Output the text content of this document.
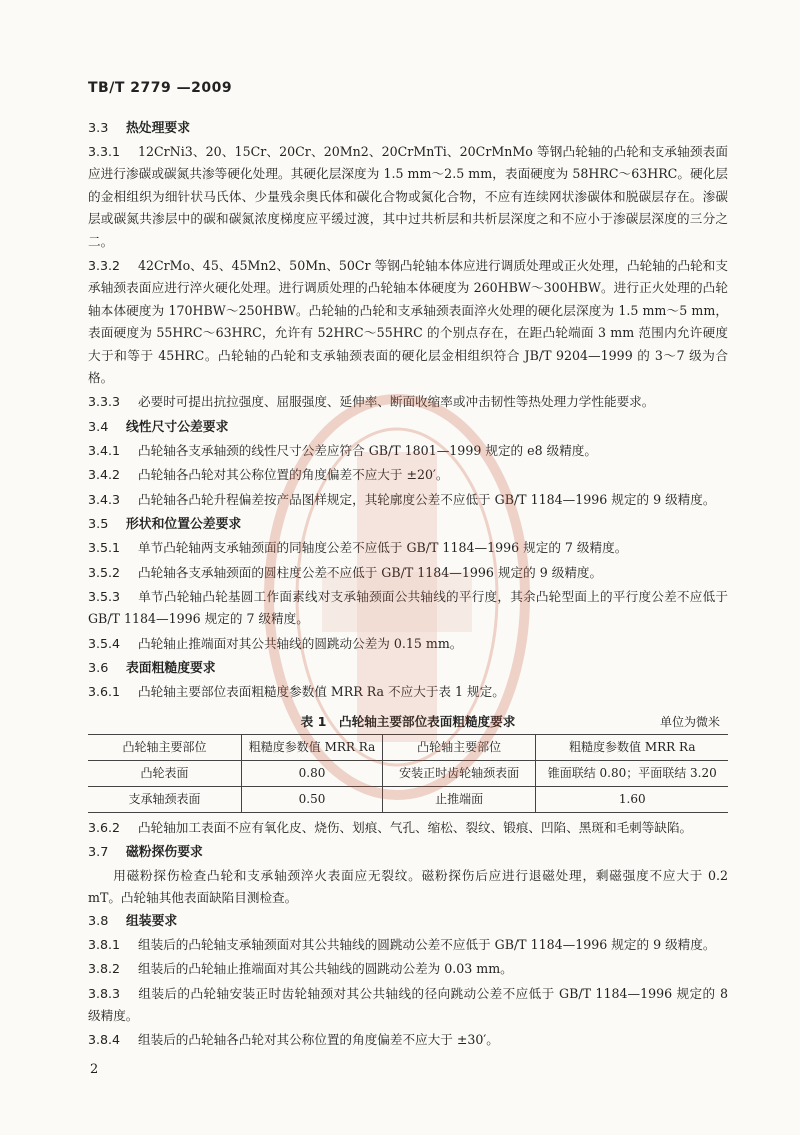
TB/T 2779 —2009
3.3 热处理要求

3.3.1 12CrNi3、20、15Cr、20Cr、20Mn2、20CrMnTi、20CrMnMo 等钢凸轮轴的凸轮和支承轴颈表面应进行渗碳或碳氮共渗等硬化处理。其硬化层深度为 1.5 mm～2.5 mm，表面硬度为 58HRC～63HRC。硬化层的金相组织为细针状马氏体、少量残余奥氏体和碳化合物或氮化合物，不应有连续网状渗碳体和脱碳层存在。渗碳层或碳氮共渗层中的碳和碳氮浓度梯度应平缓过渡，其中过共析层和共析层深度之和不应小于渗碳层深度的三分之二。

3.3.2 42CrMo、45、45Mn2、50Mn、50Cr 等钢凸轮轴本体应进行调质处理或正火处理，凸轮轴的凸轮和支承轴颈表面应进行淬火硬化处理。进行调质处理的凸轮轴本体硬度为 260HBW～300HBW。进行正火处理的凸轮轴本体硬度为 170HBW～250HBW。凸轮轴的凸轮和支承轴颈表面淬火处理的硬化层深度为 1.5 mm～5 mm，表面硬度为 55HRC～63HRC，允许有 52HRC～55HRC 的个别点存在，在距凸轮端面 3 mm 范围内允许硬度大于和等于 45HRC。凸轮轴的凸轮和支承轴颈表面的硬化层金相组织符合 JB/T 9204—1999 的 3～7 级为合格。

3.3.3 必要时可提出抗拉强度、屈服强度、延伸率、断面收缩率或冲击韧性等热处理力学性能要求。

3.4 线性尺寸公差要求

3.4.1 凸轮轴各支承轴颈的线性尺寸公差应符合 GB/T 1801—1999 规定的 e8 级精度。

3.4.2 凸轮轴各凸轮对其公称位置的角度偏差不应大于 ±20′。

3.4.3 凸轮轴各凸轮升程偏差按产品图样规定，其轮廓度公差不应低于 GB/T 1184—1996 规定的 9 级精度。

3.5 形状和位置公差要求

3.5.1 单节凸轮轴两支承轴颈面的同轴度公差不应低于 GB/T 1184—1996 规定的 7 级精度。

3.5.2 凸轮轴各支承轴颈面的圆柱度公差不应低于 GB/T 1184—1996 规定的 9 级精度。

3.5.3 单节凸轮轴凸轮基圆工作面素线对支承轴颈面公共轴线的平行度，其余凸轮型面上的平行度公差不应低于 GB/T 1184—1996 规定的 7 级精度。

3.5.4 凸轮轴止推端面对其公共轴线的圆跳动公差为 0.15 mm。

3.6 表面粗糙度要求

3.6.1 凸轮轴主要部位表面粗糙度参数值 MRR Ra 不应大于表 1 规定。

表 1　凸轮轴主要部位表面粗糙度要求	单位为微米
凸轮轴主要部位	粗糙度参数值 MRR Ra	凸轮轴主要部位	粗糙度参数值 MRR Ra
凸轮表面	0.80	安装正时齿轮轴颈表面	锥面联结 0.80；平面联结 3.20
支承轴颈表面	0.50	止推端面	1.60

3.6.2 凸轮轴加工表面不应有氧化皮、烧伤、划痕、气孔、缩松、裂纹、锻痕、凹陷、黑斑和毛刺等缺陷。

3.7 磁粉探伤要求

用磁粉探伤检查凸轮和支承轴颈淬火表面应无裂纹。磁粉探伤后应进行退磁处理，剩磁强度不应大于 0.2 mT。凸轮轴其他表面缺陷目测检查。

3.8 组装要求

3.8.1 组装后的凸轮轴支承轴颈面对其公共轴线的圆跳动公差不应低于 GB/T 1184—1996 规定的 9 级精度。

3.8.2 组装后的凸轮轴止推端面对其公共轴线的圆跳动公差为 0.03 mm。

3.8.3 组装后的凸轮轴安装正时齿轮轴颈对其公共轴线的径向跳动公差不应低于 GB/T 1184—1996 规定的 8 级精度。

3.8.4 组装后的凸轮轴各凸轮对其公称位置的角度偏差不应大于 ±30′。

2
